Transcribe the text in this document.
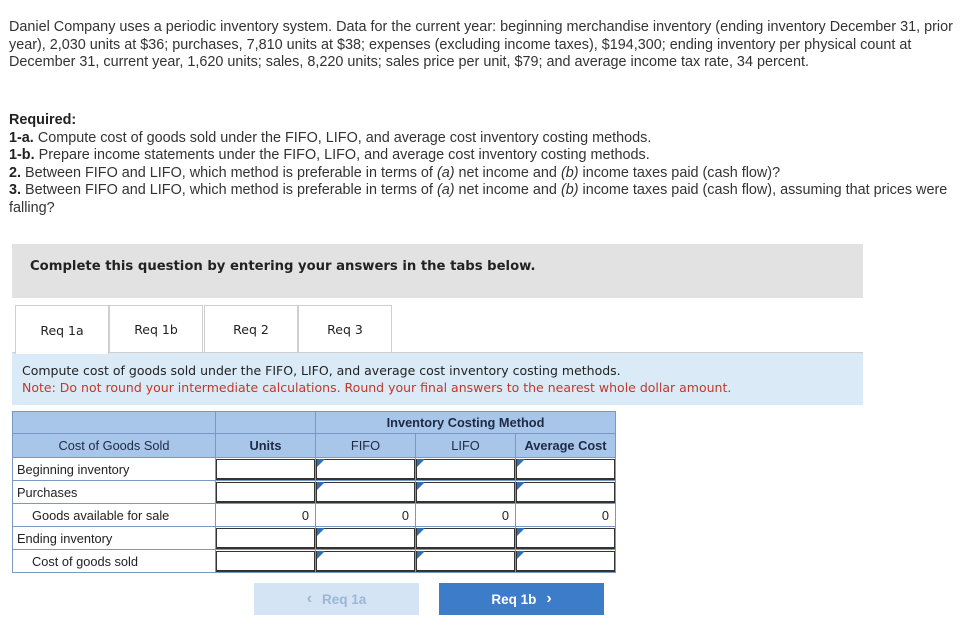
Daniel Company uses a periodic inventory system. Data for the current year: beginning merchandise inventory (ending inventory December 31, prior year), 2,030 units at $36; purchases, 7,810 units at $38; expenses (excluding income taxes), $194,300; ending inventory per physical count at December 31, current year, 1,620 units; sales, 8,220 units; sales price per unit, $79; and average income tax rate, 34 percent.
Required:
1-a. Compute cost of goods sold under the FIFO, LIFO, and average cost inventory costing methods.
1-b. Prepare income statements under the FIFO, LIFO, and average cost inventory costing methods.
2. Between FIFO and LIFO, which method is preferable in terms of (a) net income and (b) income taxes paid (cash flow)?
3. Between FIFO and LIFO, which method is preferable in terms of (a) net income and (b) income taxes paid (cash flow), assuming that prices were falling?
Complete this question by entering your answers in the tabs below.
Req 1a	Req 1b	Req 2	Req 3
Compute cost of goods sold under the FIFO, LIFO, and average cost inventory costing methods.
Note: Do not round your intermediate calculations. Round your final answers to the nearest whole dollar amount.
		Inventory Costing Method		
Cost of Goods Sold	Units	FIFO	LIFO	Average Cost
Beginning inventory		

Purchases		

Goods available for sale	0	0	0	0

Ending inventory		

Cost of goods sold		

‹ Req 1a	Req 1b ›
